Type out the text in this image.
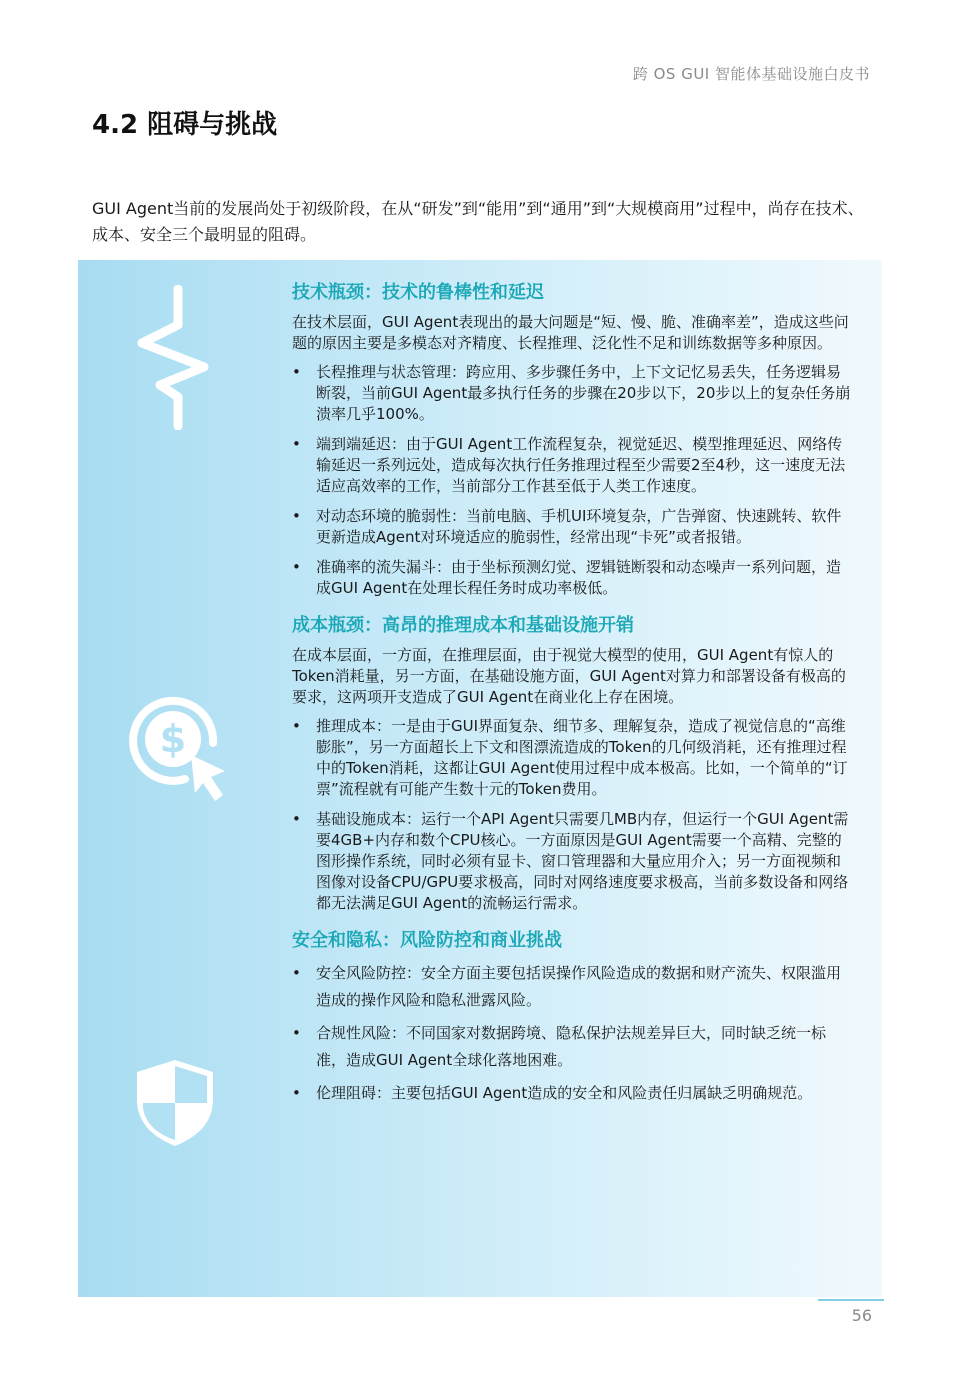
跨 OS GUI 智能体基础设施白皮书
4.2 阻碍与挑战

GUI Agent当前的发展尚处于初级阶段，在从“研发”到“能用”到“通用”到“大规模商用”过程中，尚存在技术、成本、安全三个最明显的阻碍。

$
技术瓶颈：技术的鲁棒性和延迟

在技术层面，GUI Agent表现出的最大问题是“短、慢、脆、准确率差”，造成这些问题的原因主要是多模态对齐精度、长程推理、泛化性不足和训练数据等多种原因。

• 长程推理与状态管理：跨应用、多步骤任务中，上下文记忆易丢失，任务逻辑易断裂，当前GUI Agent最多执行任务的步骤在20步以下，20步以上的复杂任务崩溃率几乎100%。
• 端到端延迟：由于GUI Agent工作流程复杂，视觉延迟、模型推理延迟、网络传输延迟一系列远处，造成每次执行任务推理过程至少需要2至4秒，这一速度无法适应高效率的工作，当前部分工作甚至低于人类工作速度。
• 对动态环境的脆弱性：当前电脑、手机UI环境复杂，广告弹窗、快速跳转、软件更新造成Agent对环境适应的脆弱性，经常出现“卡死”或者报错。
• 准确率的流失漏斗：由于坐标预测幻觉、逻辑链断裂和动态噪声一系列问题，造成GUI Agent在处理长程任务时成功率极低。
成本瓶颈：高昂的推理成本和基础设施开销

在成本层面，一方面，在推理层面，由于视觉大模型的使用，GUI Agent有惊人的Token消耗量，另一方面，在基础设施方面，GUI Agent对算力和部署设备有极高的要求，这两项开支造成了GUI Agent在商业化上存在困境。

• 推理成本：一是由于GUI界面复杂、细节多、理解复杂，造成了视觉信息的“高维膨胀”，另一方面超长上下文和图漂流造成的Token的几何级消耗，还有推理过程中的Token消耗，这都让GUI Agent使用过程中成本极高。比如，一个简单的“订票”流程就有可能产生数十元的Token费用。
• 基础设施成本：运行一个API Agent只需要几MB内存，但运行一个GUI Agent需要4GB+内存和数个CPU核心。一方面原因是GUI Agent需要一个高精、完整的图形操作系统，同时必须有显卡、窗口管理器和大量应用介入；另一方面视频和图像对设备CPU/GPU要求极高，同时对网络速度要求极高，当前多数设备和网络都无法满足GUI Agent的流畅运行需求。
安全和隐私：风险防控和商业挑战
• 安全风险防控：安全方面主要包括误操作风险造成的数据和财产流失、权限滥用造成的操作风险和隐私泄露风险。
• 合规性风险：不同国家对数据跨境、隐私保护法规差异巨大，同时缺乏统一标准，造成GUI Agent全球化落地困难。
• 伦理阻碍：主要包括GUI Agent造成的安全和风险责任归属缺乏明确规范。
56
